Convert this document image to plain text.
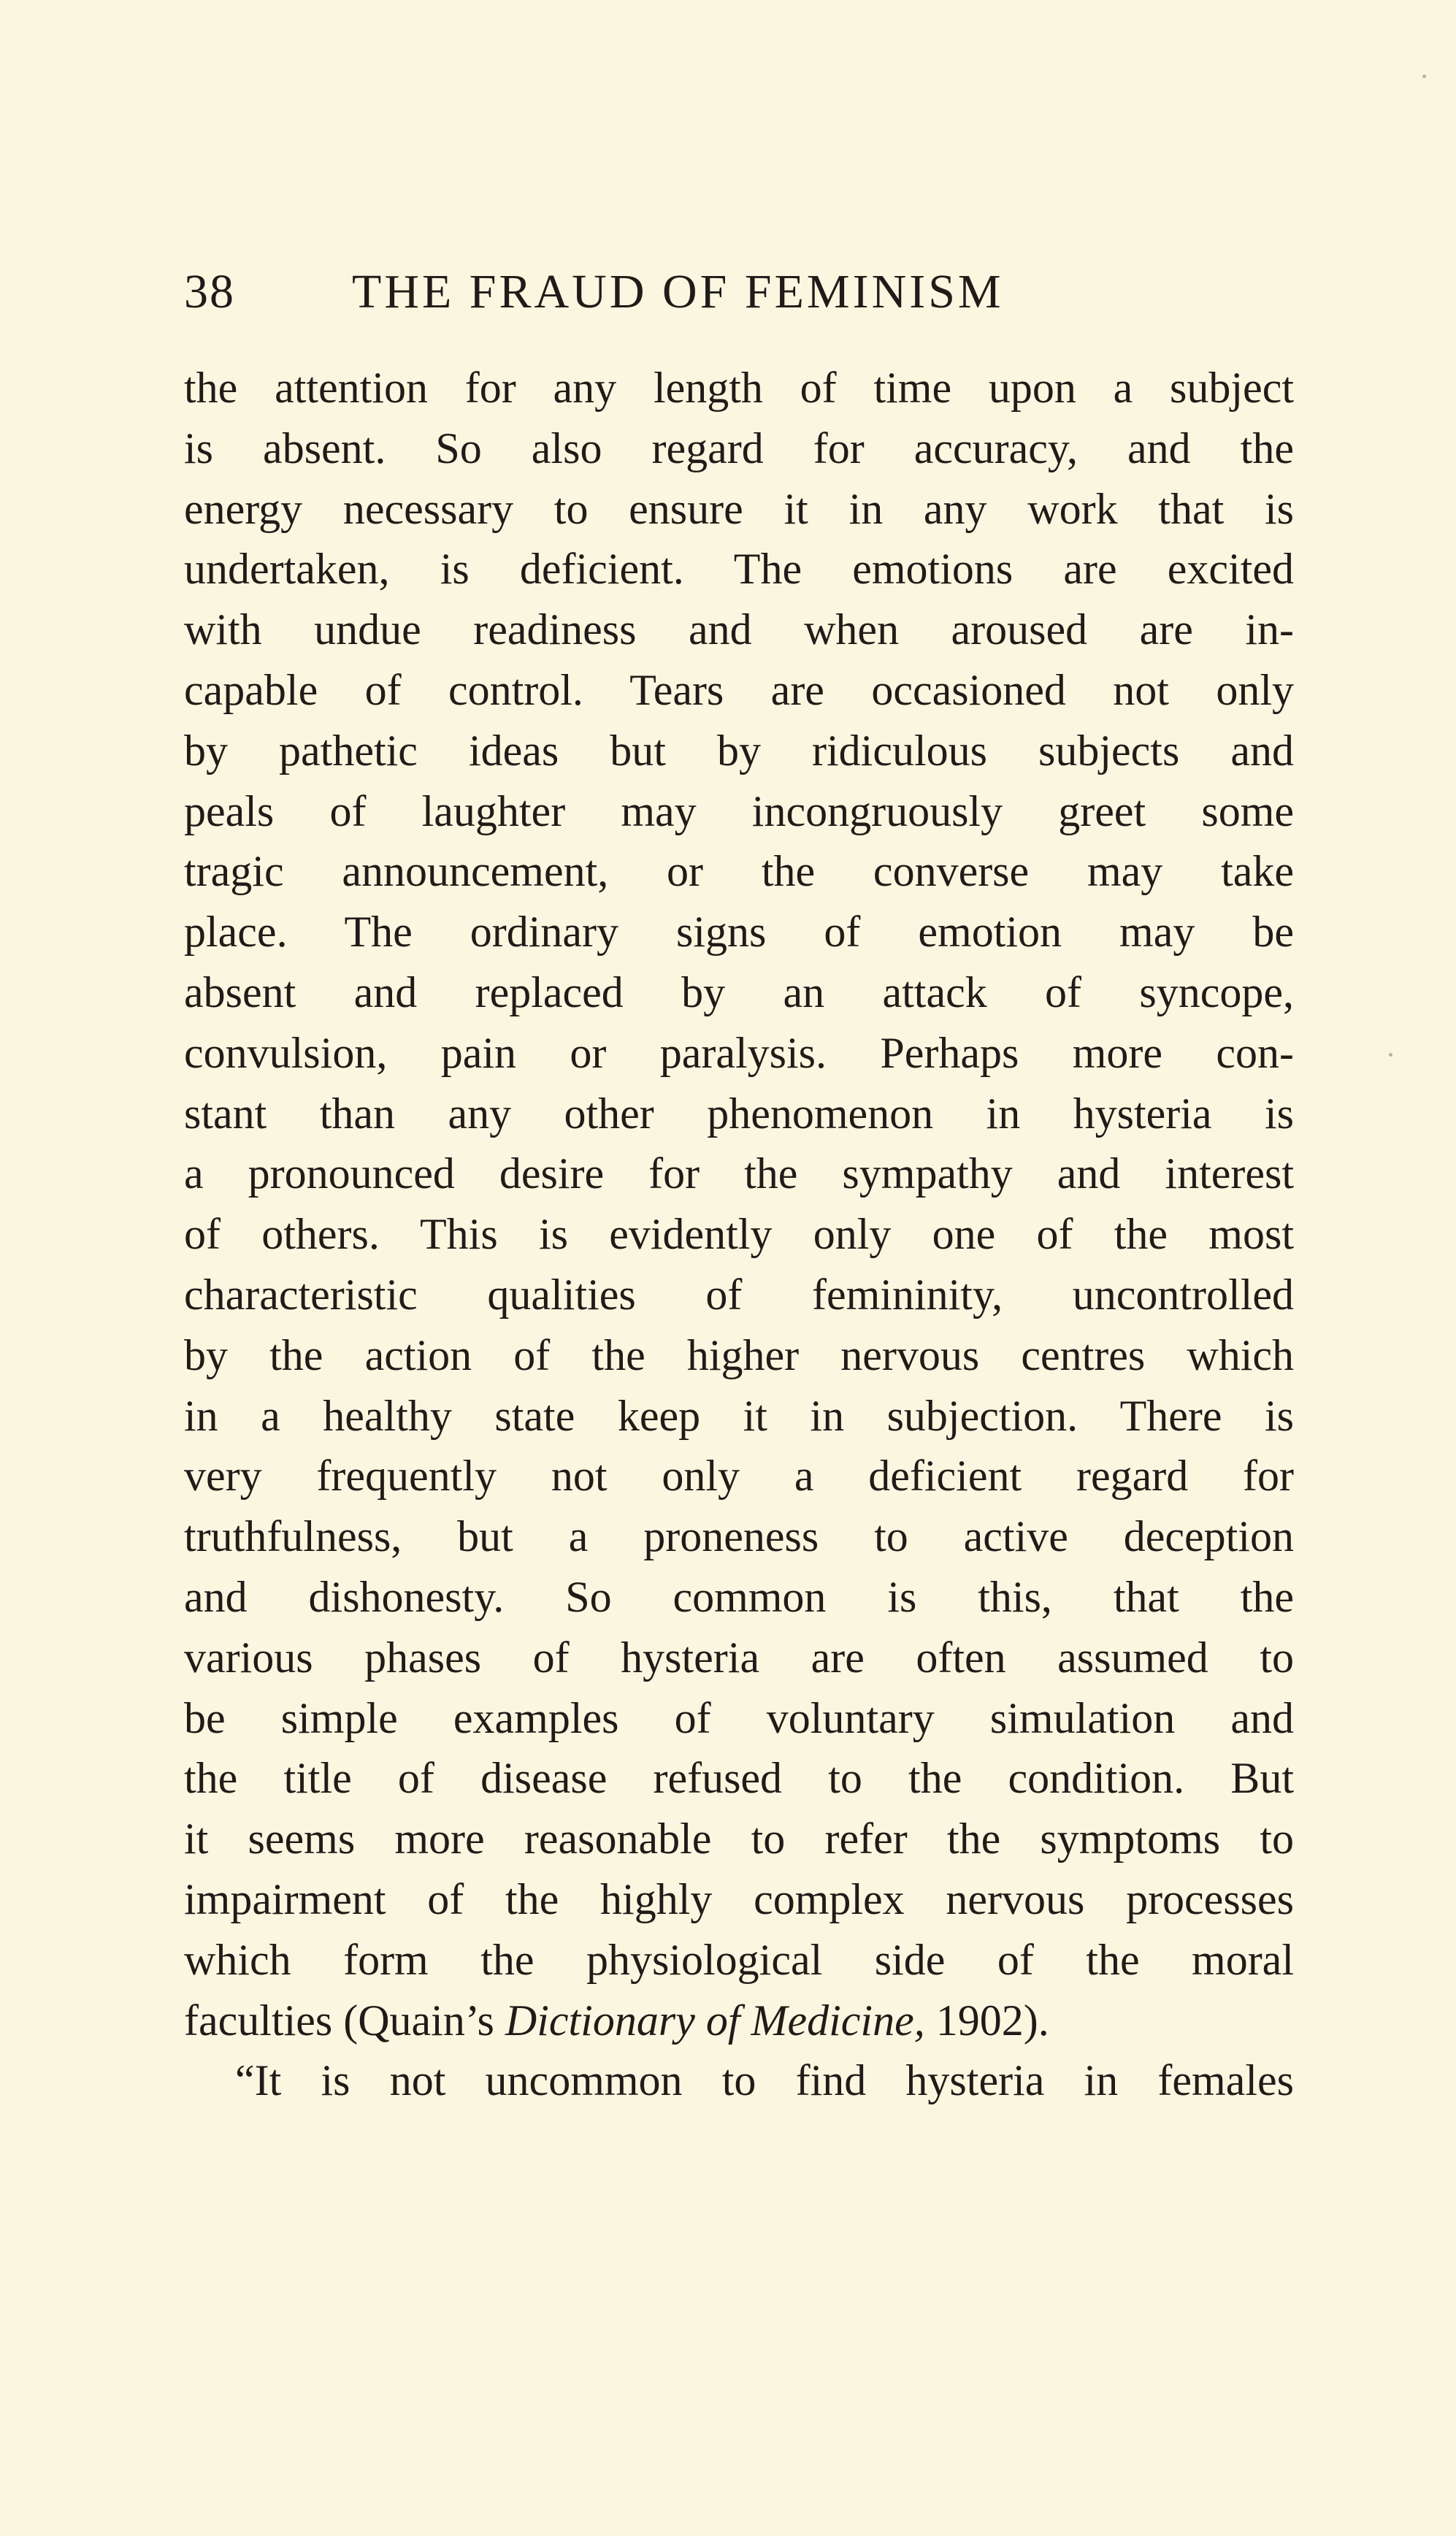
38 THE FRAUD OF FEMINISM
the attention for any length of time upon a subject
is absent. So also regard for accuracy, and the
energy necessary to ensure it in any work that is
undertaken, is deficient. The emotions are excited
with undue readiness and when aroused are in-
capable of control. Tears are occasioned not only
by pathetic ideas but by ridiculous subjects and
peals of laughter may incongruously greet some
tragic announcement, or the converse may take
place. The ordinary signs of emotion may be
absent and replaced by an attack of syncope,
convulsion, pain or paralysis. Perhaps more con-
stant than any other phenomenon in hysteria is
a pronounced desire for the sympathy and interest
of others. This is evidently only one of the most
characteristic qualities of femininity, uncontrolled
by the action of the higher nervous centres which
in a healthy state keep it in subjection. There is
very frequently not only a deficient regard for
truthfulness, but a proneness to active deception
and dishonesty. So common is this, that the
various phases of hysteria are often assumed to
be simple examples of voluntary simulation and
the title of disease refused to the condition. But
it seems more reasonable to refer the symptoms to
impairment of the highly complex nervous processes
which form the physiological side of the moral
faculties (Quain’s Dictionary of Medicine, 1902).
“It is not uncommon to find hysteria in females
